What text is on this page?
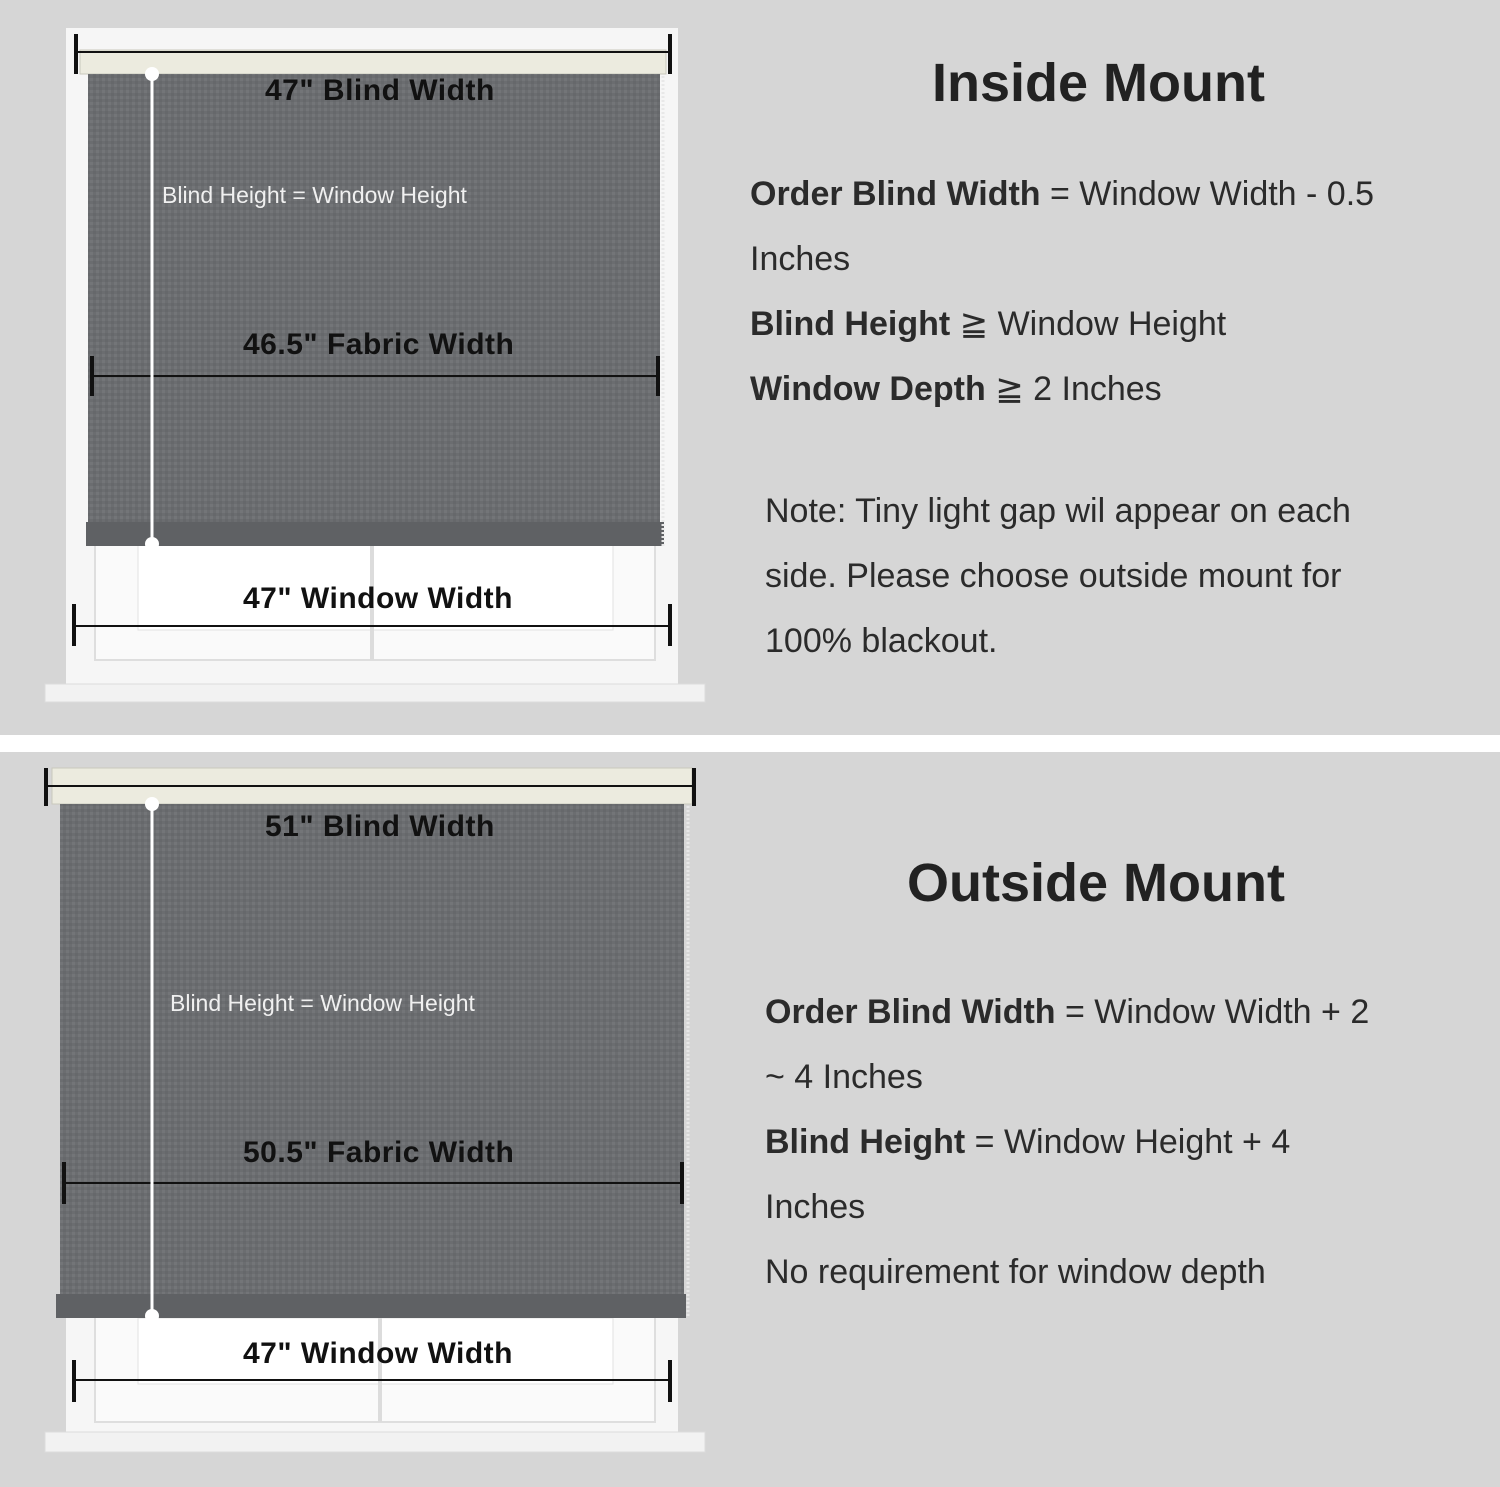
47" Blind Width
Blind Height = Window Height
46.5" Fabric Width
47" Window Width
Inside Mount
Order Blind Width = Window Width - 0.5
Inches
Blind Height ≧ Window Height
Window Depth ≧ 2 Inches
Note: Tiny light gap wil appear on each
side. Please choose outside mount for
100% blackout.
51" Blind Width
Blind Height = Window Height
50.5" Fabric Width
47" Window Width
Outside Mount
Order Blind Width = Window Width + 2
~ 4 Inches
Blind Height = Window Height + 4
Inches
No requirement for window depth
